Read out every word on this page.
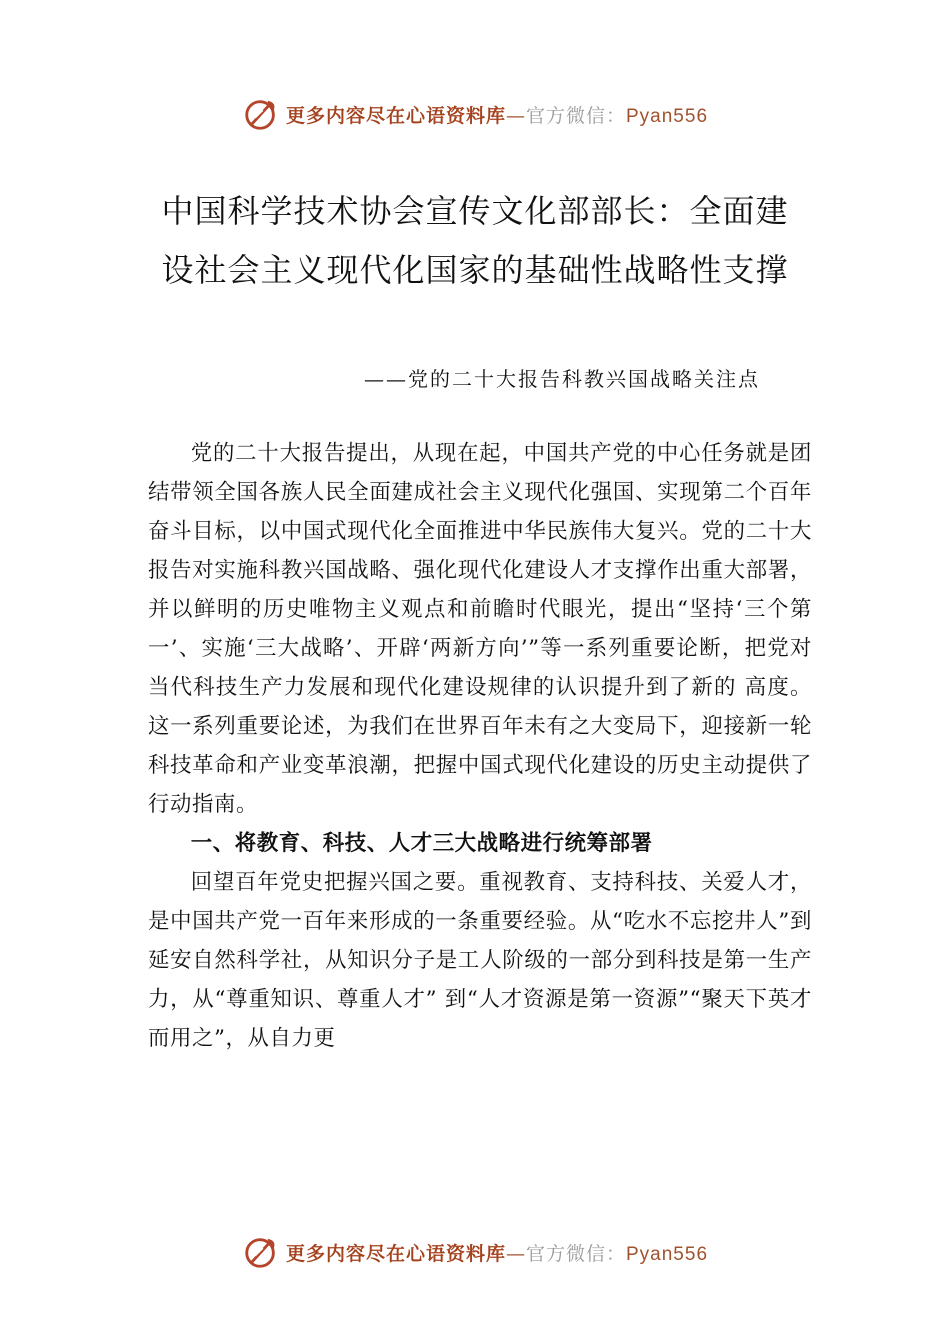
更多内容尽在心语资料库—官方微信：Pyan556
中国科学技术协会宣传文化部部长：全面建设社会主义现代化国家的基础性战略性支撑
——党的二十大报告科教兴国战略关注点

党的二十大报告提出，从现在起，中国共产党的中心任务就是团结带领全国各族人民全面建成社会主义现代化强国、实现第二个百年奋斗目标，以中国式现代化全面推进中华民族伟大复兴。党的二十大报告对实施科教兴国战略、强化现代化建设人才支撑作出重大部署，并以鲜明的历史唯物主义观点和前瞻时代眼光，提出“坚持‘三个第一’、实施‘三大战略’、开辟‘两新方向’”等一系列重要论断，把党对当代科技生产力发展和现代化建设规律的认识提升到了新的 高度。这一系列重要论述，为我们在世界百年未有之大变局下，迎接新一轮科技革命和产业变革浪潮，把握中国式现代化建设的历史主动提供了行动指南。

一、将教育、科技、人才三大战略进行统筹部署

回望百年党史把握兴国之要。重视教育、支持科技、关爱人才，是中国共产党一百年来形成的一条重要经验。从“吃水不忘挖井人”到延安自然科学社，从知识分子是工人阶级的一部分到科技是第一生产力，从“尊重知识、尊重人才” 到“人才资源是第一资源”“聚天下英才而用之”，从自力更

更多内容尽在心语资料库—官方微信：Pyan556
